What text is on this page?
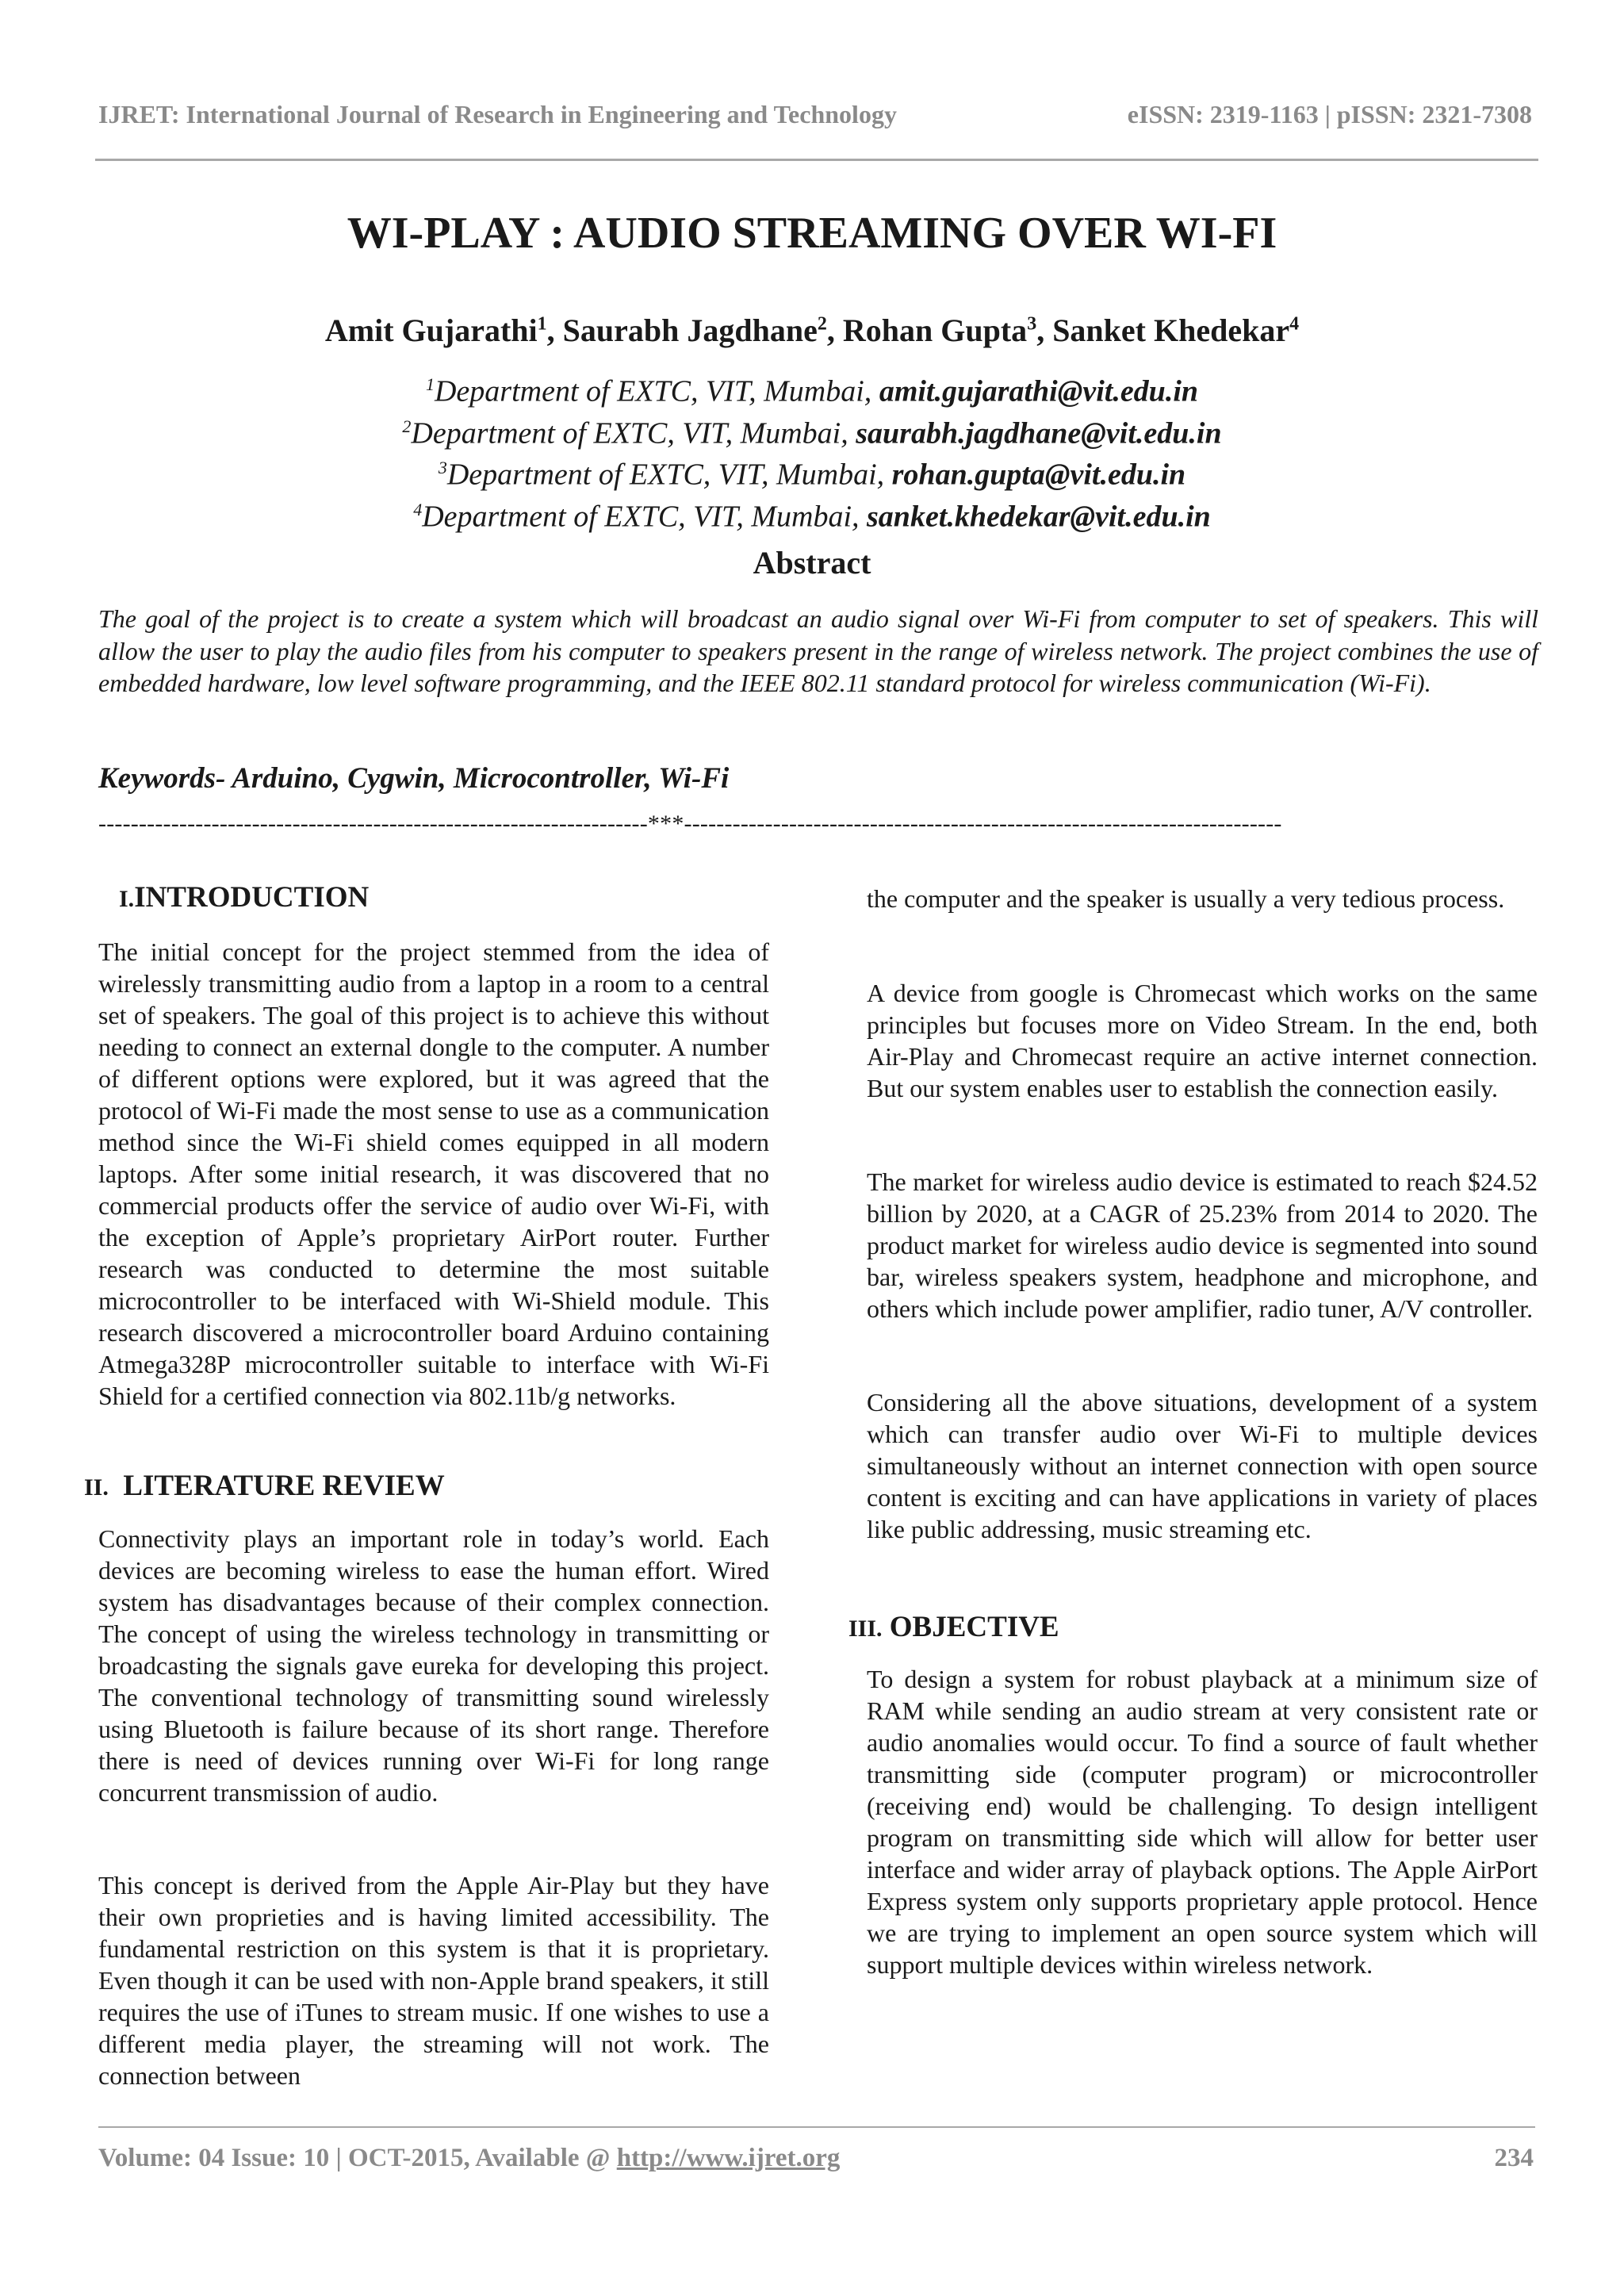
IJRET: International Journal of Research in Engineering and Technology	eISSN: 2319-1163 | pISSN: 2321-7308
WI-PLAY : AUDIO STREAMING OVER WI-FI
Amit Gujarathi$^1$, Saurabh Jagdhane$^2$, Rohan Gupta$^3$, Sanket Khedekar$^4$
$^1$Department of EXTC, VIT, Mumbai, amit.gujarathi@vit.edu.in
$^2$Department of EXTC, VIT, Mumbai, saurabh.jagdhane@vit.edu.in
$^3$Department of EXTC, VIT, Mumbai, rohan.gupta@vit.edu.in
$^4$Department of EXTC, VIT, Mumbai, sanket.khedekar@vit.edu.in
Abstract

The goal of the project is to create a system which will broadcast an audio signal over Wi-Fi from computer to set of speakers. This will allow the user to play the audio files from his computer to speakers present in the range of wireless network. The project combines the use of embedded hardware, low level software programming, and the IEEE 802.11 standard protocol for wireless communication (Wi-Fi).

Keywords- Arduino, Cygwin, Microcontroller, Wi-Fi
--------------------------------------------------------------------***--------------------------------------------------------------------------
I.INTRODUCTION

The initial concept for the project stemmed from the idea of wirelessly transmitting audio from a laptop in a room to a central set of speakers. The goal of this project is to achieve this without needing to connect an external dongle to the computer. A number of different options were explored, but it was agreed that the protocol of Wi-Fi made the most sense to use as a communication method since the Wi-Fi shield comes equipped in all modern laptops. After some initial research, it was discovered that no commercial products offer the service of audio over Wi-Fi, with the exception of Apple’s proprietary AirPort router. Further research was conducted to determine the most suitable microcontroller to be interfaced with Wi-Shield module. This research discovered a microcontroller board Arduino containing Atmega328P microcontroller suitable to interface with Wi-Fi Shield for a certified connection via 802.11b/g networks.

II. LITERATURE REVIEW

Connectivity plays an important role in today’s world. Each devices are becoming wireless to ease the human effort. Wired system has disadvantages because of their complex connection. The concept of using the wireless technology in transmitting or broadcasting the signals gave eureka for developing this project. The conventional technology of transmitting sound wirelessly using Bluetooth is failure because of its short range. Therefore there is need of devices running over Wi-Fi for long range concurrent transmission of audio.

This concept is derived from the Apple Air-Play but they have their own proprieties and is having limited accessibility. The fundamental restriction on this system is that it is proprietary. Even though it can be used with non-Apple brand speakers, it still requires the use of iTunes to stream music. If one wishes to use a different media player, the streaming will not work. The connection between

the computer and the speaker is usually a very tedious process.

A device from google is Chromecast which works on the same principles but focuses more on Video Stream. In the end, both Air-Play and Chromecast require an active internet connection. But our system enables user to establish the connection easily.

The market for wireless audio device is estimated to reach $24.52 billion by 2020, at a CAGR of 25.23% from 2014 to 2020. The product market for wireless audio device is segmented into sound bar, wireless speakers system, headphone and microphone, and others which include power amplifier, radio tuner, A/V controller.

Considering all the above situations, development of a system which can transfer audio over Wi-Fi to multiple devices simultaneously without an internet connection with open source content is exciting and can have applications in variety of places like public addressing, music streaming etc.

III. OBJECTIVE

To design a system for robust playback at a minimum size of RAM while sending an audio stream at very consistent rate or audio anomalies would occur. To find a source of fault whether transmitting side (computer program) or microcontroller (receiving end) would be challenging. To design intelligent program on transmitting side which will allow for better user interface and wider array of playback options. The Apple AirPort Express system only supports proprietary apple protocol. Hence we are trying to implement an open source system which will support multiple devices within wireless network.

Volume: 04 Issue: 10 | OCT-2015, Available @ http://www.ijret.org	234
